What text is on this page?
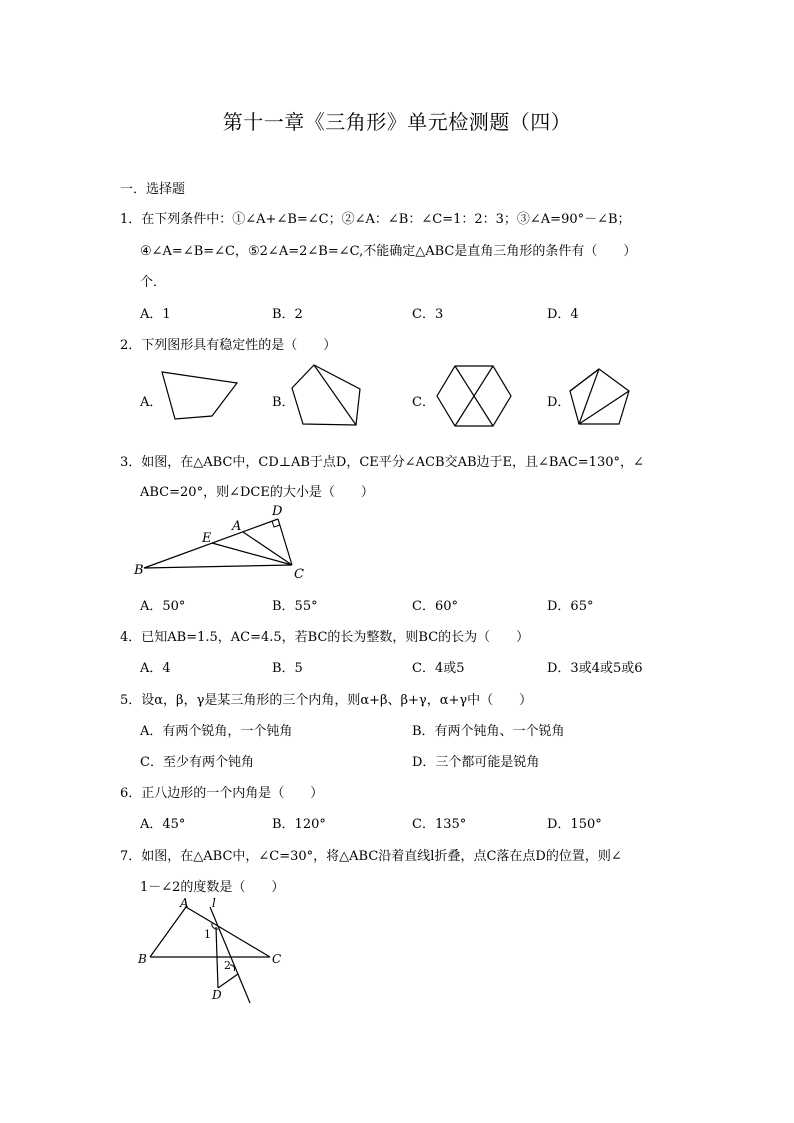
第十一章《三角形》单元检测题（四）
一．选择题
1．在下列条件中：①∠A+∠B=∠C；②∠A：∠B：∠C=1：2：3；③∠A=90°－∠B；
④∠A=∠B=∠C，⑤2∠A=2∠B=∠C,不能确定△ABC是直角三角形的条件有（　　）
个．
A．1	B．2	C．3	D．4
2．下列图形具有稳定性的是（　　）
A．	B．	C．	D．
3．如图，在△ABC中，CD⊥AB于点D，CE平分∠ACB交AB边于E，且∠BAC=130°，∠
ABC=20°，则∠DCE的大小是（　　）
D
A
E
B	C
A．50°	B．55°	C．60°	D．65°
4．已知AB=1.5，AC=4.5，若BC的长为整数，则BC的长为（　　）
A．4	B．5	C．4或5	D．3或4或5或6
5．设α，β，γ是某三角形的三个内角，则α+β、β+γ，α+γ中（　　）
A．有两个锐角，一个钝角	B．有两个钝角、一个锐角
C．至少有两个钝角	D．三个都可能是锐角
6．正八边形的一个内角是（　　）
A．45°	B．120°	C．135°	D．150°
7．如图，在△ABC中，∠C=30°，将△ABC沿着直线l折叠，点C落在点D的位置，则∠
1－∠2的度数是（　　）
A l
1
2
B	C
D
